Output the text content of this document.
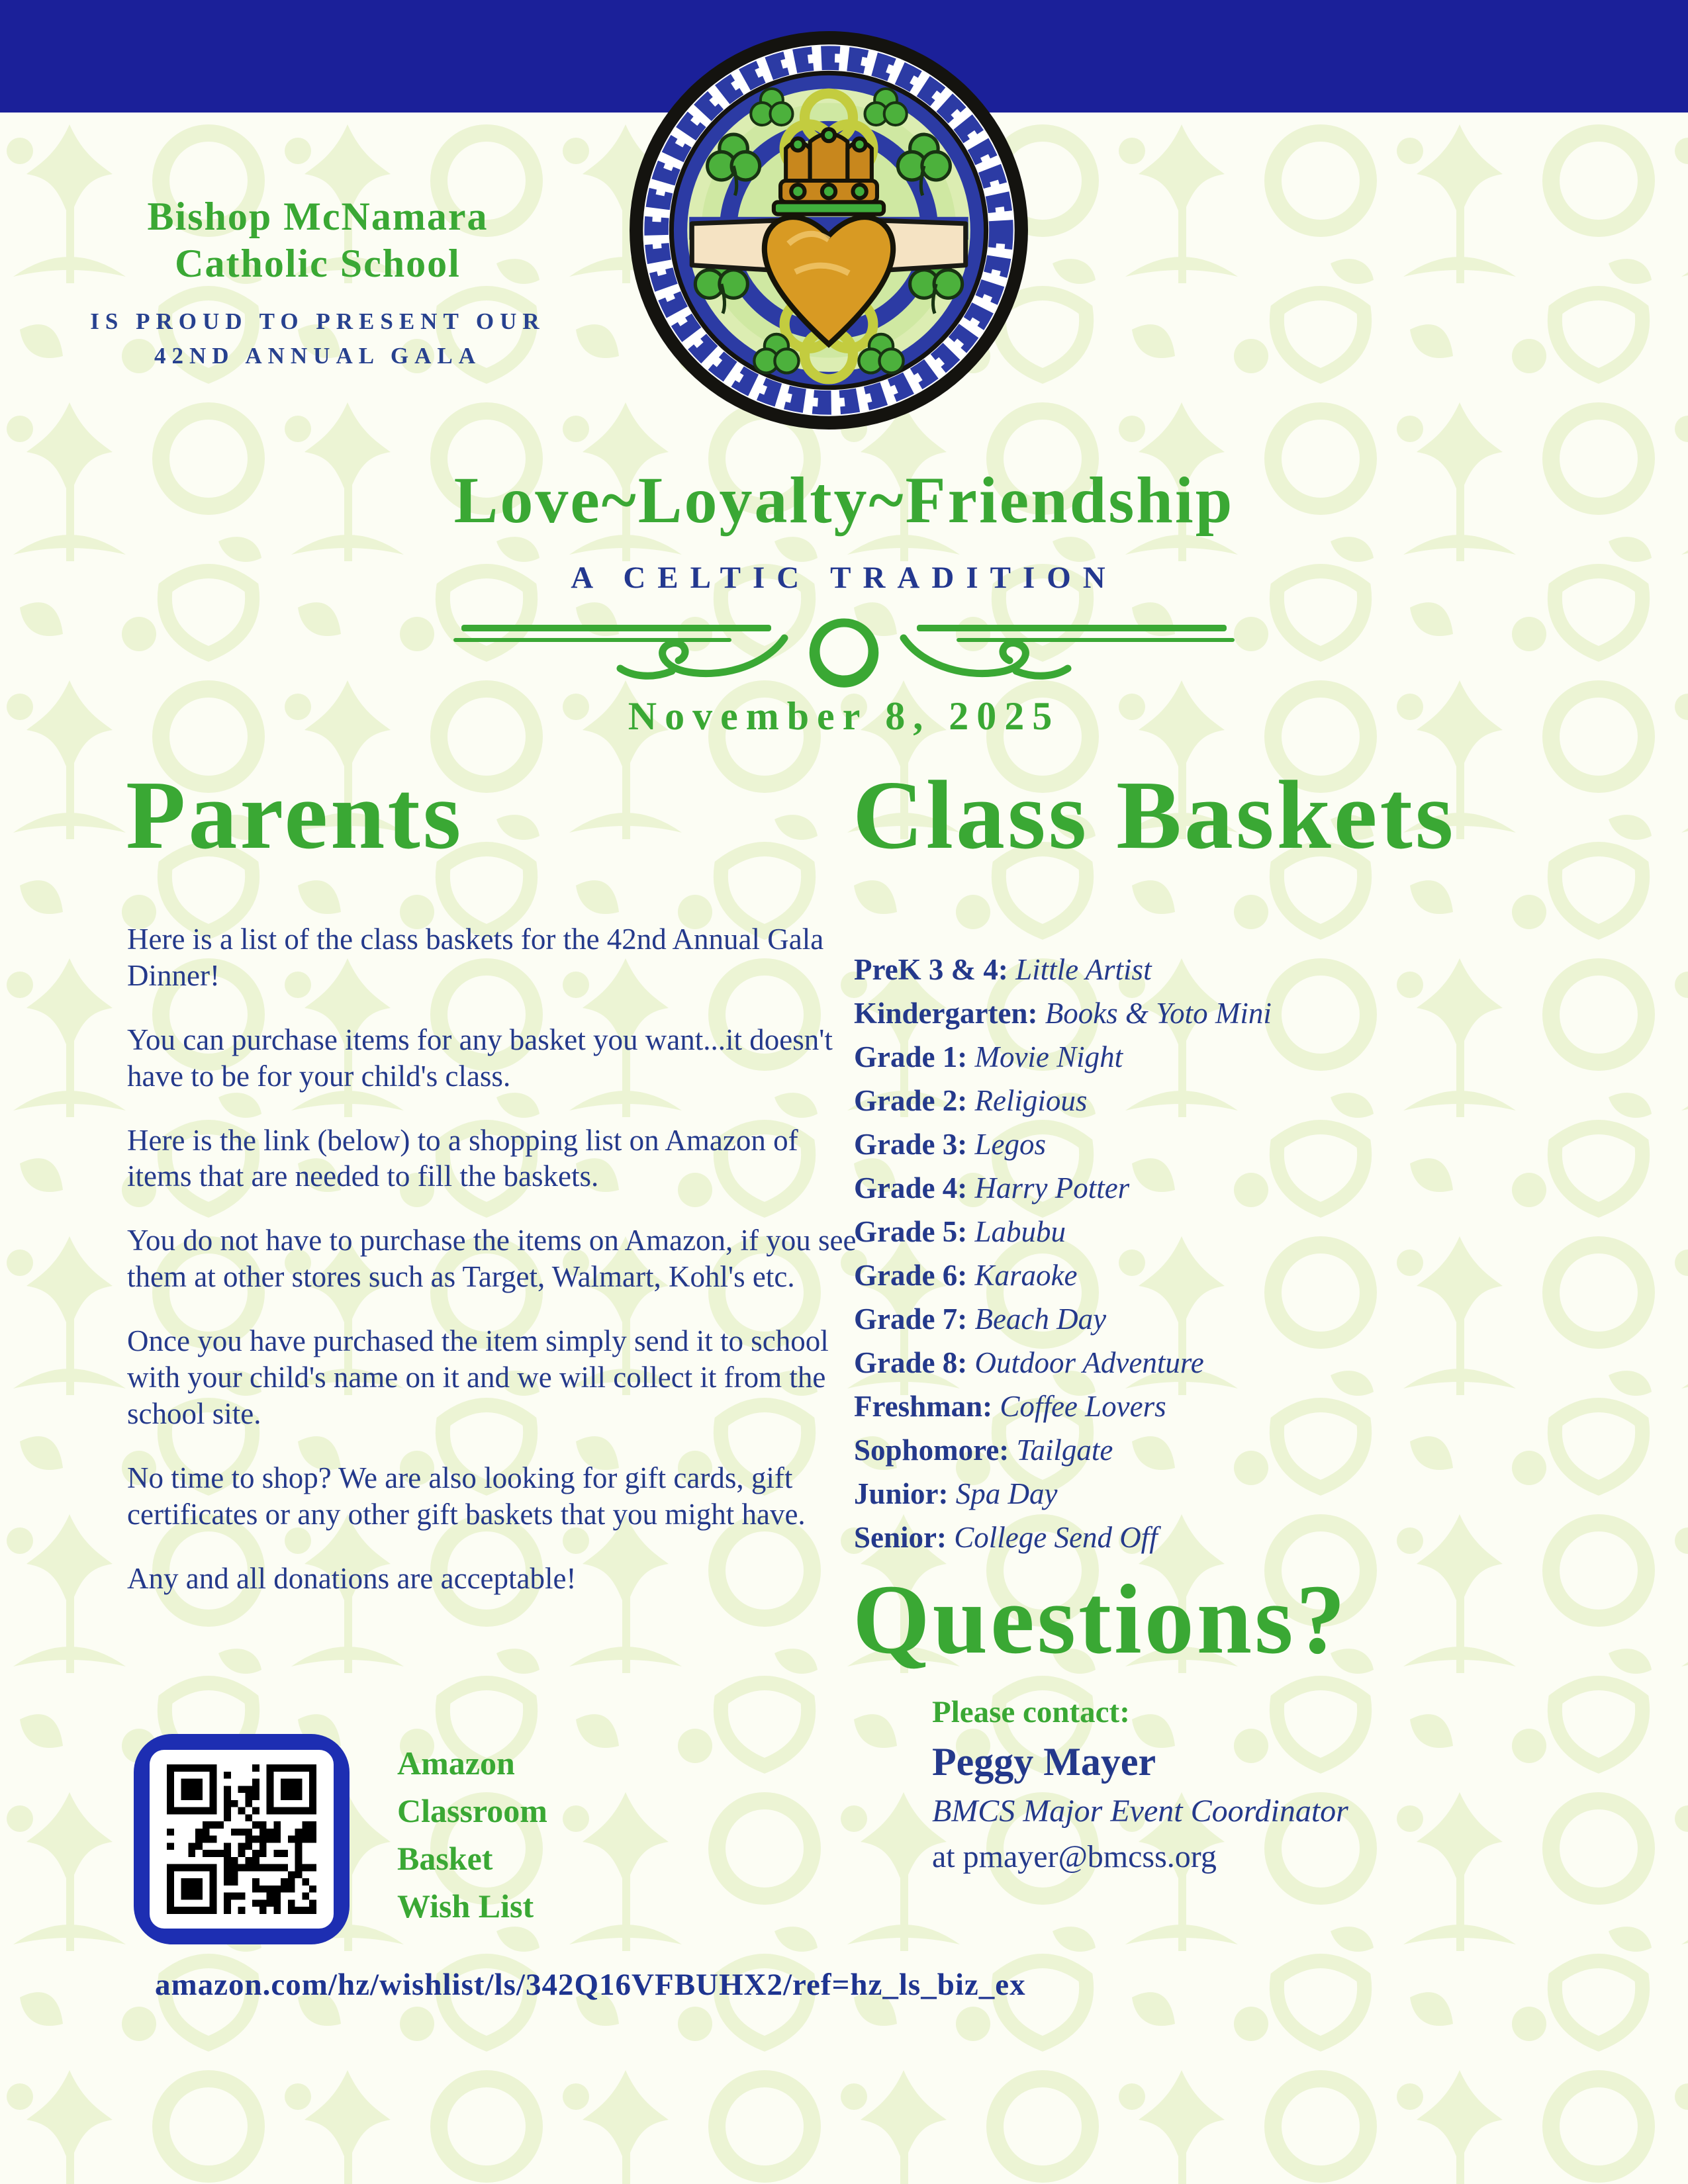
Bishop McNamara
Catholic School
IS PROUD TO PRESENT OUR
42ND ANNUAL GALA
Love~Loyalty~Friendship
A CELTIC TRADITION
November 8, 2025
Parents

Here is a list of the class baskets for the 42nd Annual Gala Dinner!

You can purchase items for any basket you want...it doesn't have to be for your child's class.

Here is the link (below) to a shopping list on Amazon of items that are needed to fill the baskets.

You do not have to purchase the items on Amazon, if you see them at other stores such as Target, Walmart, Kohl's etc.

Once you have purchased the item simply send it to school with your child's name on it and we will collect it from the school site.

No time to shop? We are also looking for gift cards, gift certificates or any other gift baskets that you might have.

Any and all donations are acceptable!

Class Baskets
PreK 3 & 4: Little Artist
Kindergarten: Books & Yoto Mini
Grade 1: Movie Night
Grade 2: Religious
Grade 3: Legos
Grade 4: Harry Potter
Grade 5: Labubu
Grade 6: Karaoke
Grade 7: Beach Day
Grade 8: Outdoor Adventure
Freshman: Coffee Lovers
Sophomore: Tailgate
Junior: Spa Day
Senior: College Send Off
Questions?
Please contact:
Peggy Mayer
BMCS Major Event Coordinator
at pmayer@bmcss.org
Amazon
Classroom
Basket
Wish List
amazon.com/hz/wishlist/ls/342Q16VFBUHX2/ref=hz_ls_biz_ex
